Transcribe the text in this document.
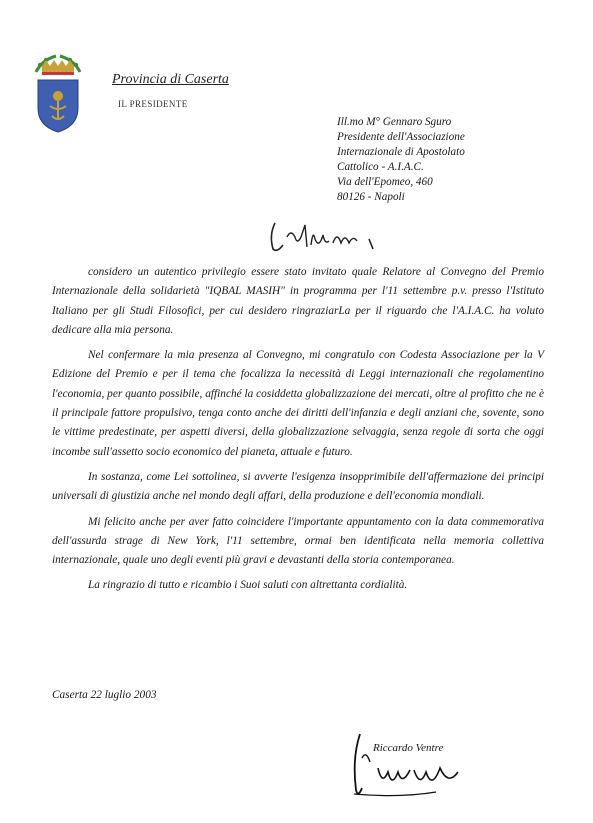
Provincia di Caserta
IL PRESIDENTE
Ill.mo M° Gennaro Sguro
Presidente dell'Associazione
Internazionale di Apostolato
Cattolico - A.I.A.C.
Via dell'Epomeo, 460
80126 - Napoli

considero un autentico privilegio essere stato invitato quale Relatore al Convegno del Premio Internazionale della solidarietà "IQBAL MASIH" in programma per l'11 settembre p.v. presso l'Istituto Italiano per gli Studi Filosofici, per cui desidero ringraziarLa per il riguardo che l'A.I.A.C. ha voluto dedicare alla mia persona.

Nel confermare la mia presenza al Convegno, mi congratulo con Codesta Associazione per la V Edizione del Premio e per il tema che focalizza la necessità di Leggi internazionali che regolamentino l'economia, per quanto possibile, affinché la cosiddetta globalizzazione dei mercati, oltre al profitto che ne è il principale fattore propulsivo, tenga conto anche dei diritti dell'infanzia e degli anziani che, sovente, sono le vittime predestinate, per aspetti diversi, della globalizzazione selvaggia, senza regole di sorta che oggi incombe sull'assetto socio economico del pianeta, attuale e futuro.

In sostanza, come Lei sottolinea, si avverte l'esigenza insopprimibile dell'affermazione dei principi universali di giustizia anche nel mondo degli affari, della produzione e dell'economia mondiali.

Mi felicito anche per aver fatto coincidere l'importante appuntamento con la data commemorativa dell'assurda strage di New York, l'11 settembre, ormai ben identificata nella memoria collettiva internazionale, quale uno degli eventi più gravi e devastanti della storia contemporanea.

La ringrazio di tutto e ricambio i Suoi saluti con altrettanta cordialità.

Caserta 22 luglio 2003
Riccardo Ventre
